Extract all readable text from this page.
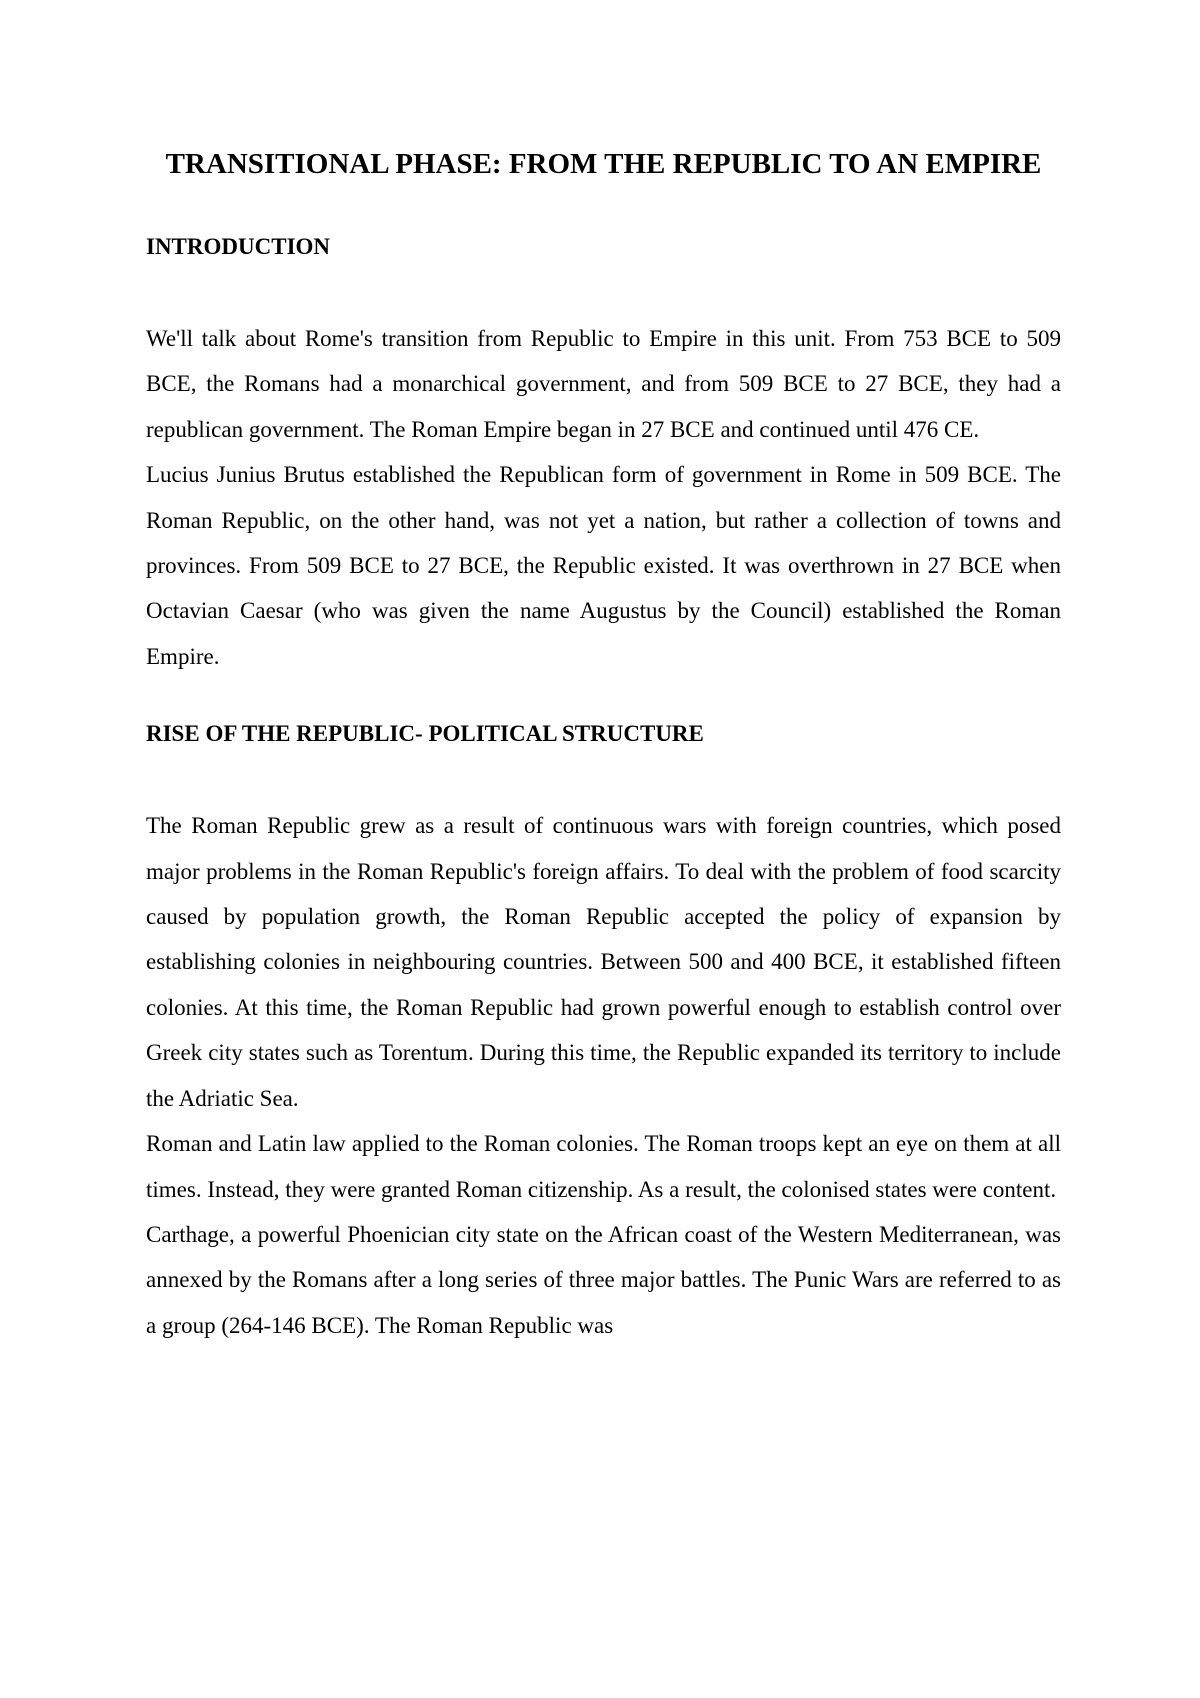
TRANSITIONAL PHASE: FROM THE REPUBLIC TO AN EMPIRE
INTRODUCTION

We'll talk about Rome's transition from Republic to Empire in this unit. From 753 BCE to 509 BCE, the Romans had a monarchical government, and from 509 BCE to 27 BCE, they had a republican government. The Roman Empire began in 27 BCE and continued until 476 CE.

Lucius Junius Brutus established the Republican form of government in Rome in 509 BCE. The Roman Republic, on the other hand, was not yet a nation, but rather a collection of towns and provinces. From 509 BCE to 27 BCE, the Republic existed. It was overthrown in 27 BCE when Octavian Caesar (who was given the name Augustus by the Council) established the Roman Empire.

RISE OF THE REPUBLIC- POLITICAL STRUCTURE

The Roman Republic grew as a result of continuous wars with foreign countries, which posed major problems in the Roman Republic's foreign affairs. To deal with the problem of food scarcity caused by population growth, the Roman Republic accepted the policy of expansion by establishing colonies in neighbouring countries. Between 500 and 400 BCE, it established fifteen colonies. At this time, the Roman Republic had grown powerful enough to establish control over Greek city states such as Torentum. During this time, the Republic expanded its territory to include the Adriatic Sea.

Roman and Latin law applied to the Roman colonies. The Roman troops kept an eye on them at all times. Instead, they were granted Roman citizenship. As a result, the colonised states were content.

Carthage, a powerful Phoenician city state on the African coast of the Western Mediterranean, was annexed by the Romans after a long series of three major battles. The Punic Wars are referred to as a group (264-146 BCE). The Roman Republic was
